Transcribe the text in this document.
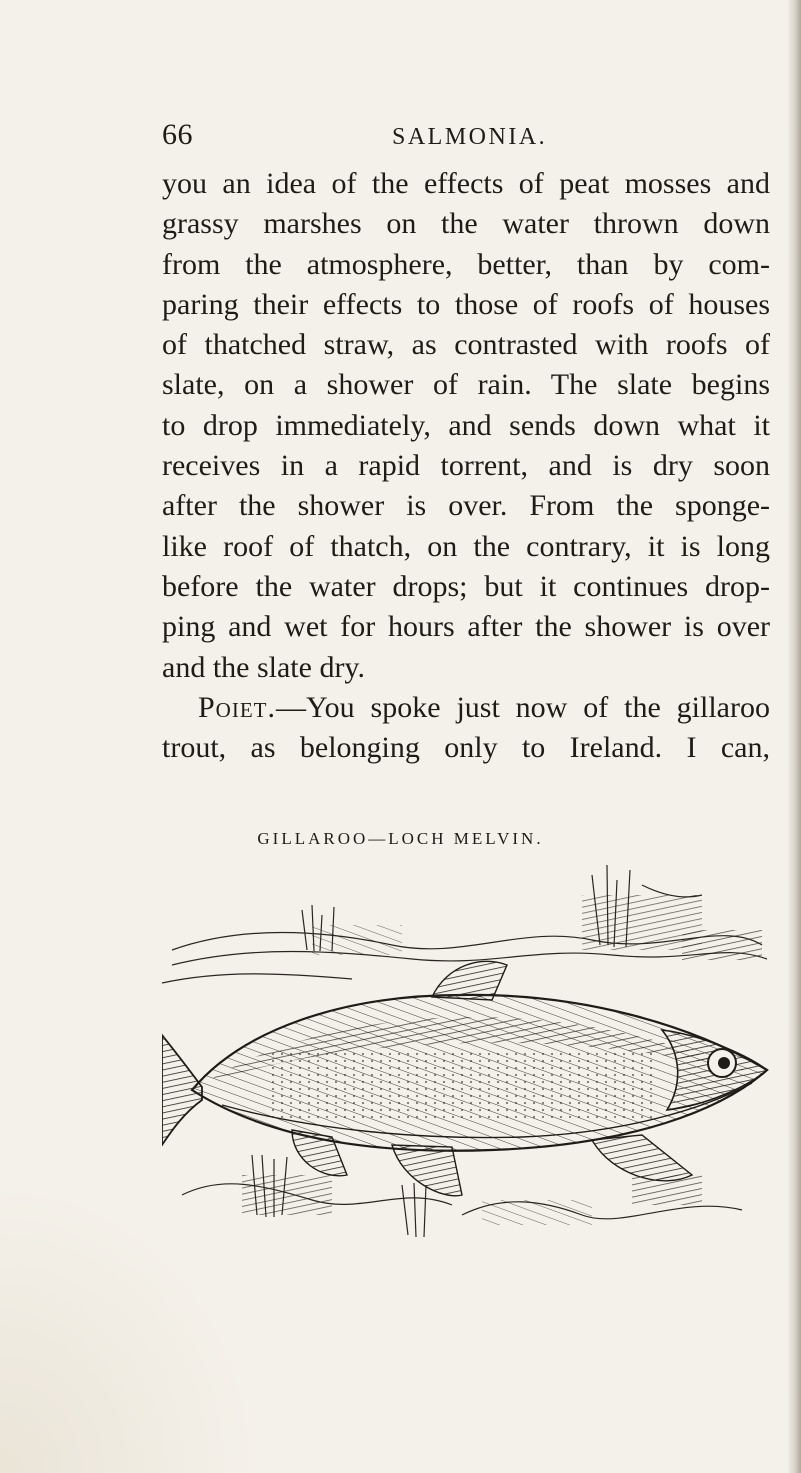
66	SALMONIA.
you an idea of the effects of peat mosses and
grassy marshes on the water thrown down
from the atmosphere, better, than by com-
paring their effects to those of roofs of houses
of thatched straw, as contrasted with roofs of
slate, on a shower of rain. The slate begins
to drop immediately, and sends down what it
receives in a rapid torrent, and is dry soon
after the shower is over. From the sponge-
like roof of thatch, on the contrary, it is long
before the water drops; but it continues drop-
ping and wet for hours after the shower is over
and the slate dry.
Poiet.—You spoke just now of the gillaroo
trout, as belonging only to Ireland. I can,
GILLAROO—LOCH MELVIN.
